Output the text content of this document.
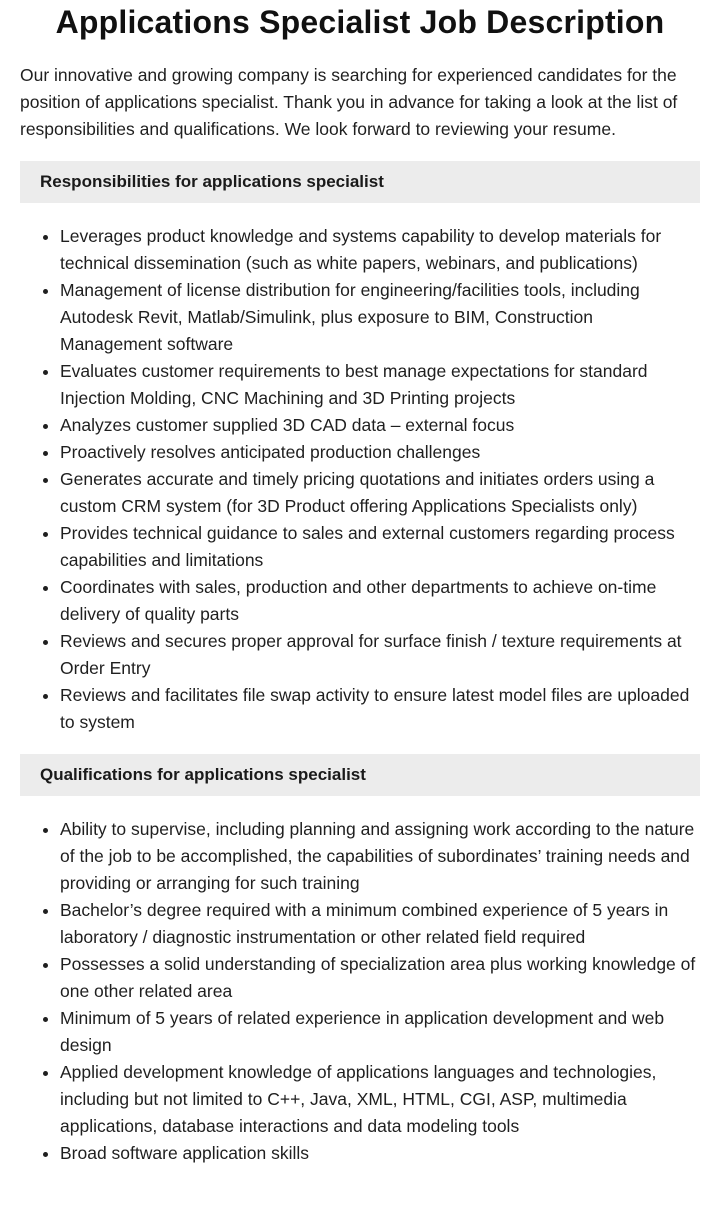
Applications Specialist Job Description

Our innovative and growing company is searching for experienced candidates for the position of applications specialist. Thank you in advance for taking a look at the list of responsibilities and qualifications. We look forward to reviewing your resume.

Responsibilities for applications specialist
• Leverages product knowledge and systems capability to develop materials for technical dissemination (such as white papers, webinars, and publications)
• Management of license distribution for engineering/facilities tools, including Autodesk Revit, Matlab/Simulink, plus exposure to BIM, Construction Management software
• Evaluates customer requirements to best manage expectations for standard Injection Molding, CNC Machining and 3D Printing projects
• Analyzes customer supplied 3D CAD data – external focus
• Proactively resolves anticipated production challenges
• Generates accurate and timely pricing quotations and initiates orders using a custom CRM system (for 3D Product offering Applications Specialists only)
• Provides technical guidance to sales and external customers regarding process capabilities and limitations
• Coordinates with sales, production and other departments to achieve on-time delivery of quality parts
• Reviews and secures proper approval for surface finish / texture requirements at Order Entry
• Reviews and facilitates file swap activity to ensure latest model files are uploaded to system
Qualifications for applications specialist
• Ability to supervise, including planning and assigning work according to the nature of the job to be accomplished, the capabilities of subordinates’ training needs and providing or arranging for such training
• Bachelor’s degree required with a minimum combined experience of 5 years in laboratory / diagnostic instrumentation or other related field required
• Possesses a solid understanding of specialization area plus working knowledge of one other related area
• Minimum of 5 years of related experience in application development and web design
• Applied development knowledge of applications languages and technologies, including but not limited to C++, Java, XML, HTML, CGI, ASP, multimedia applications, database interactions and data modeling tools
• Broad software application skills
